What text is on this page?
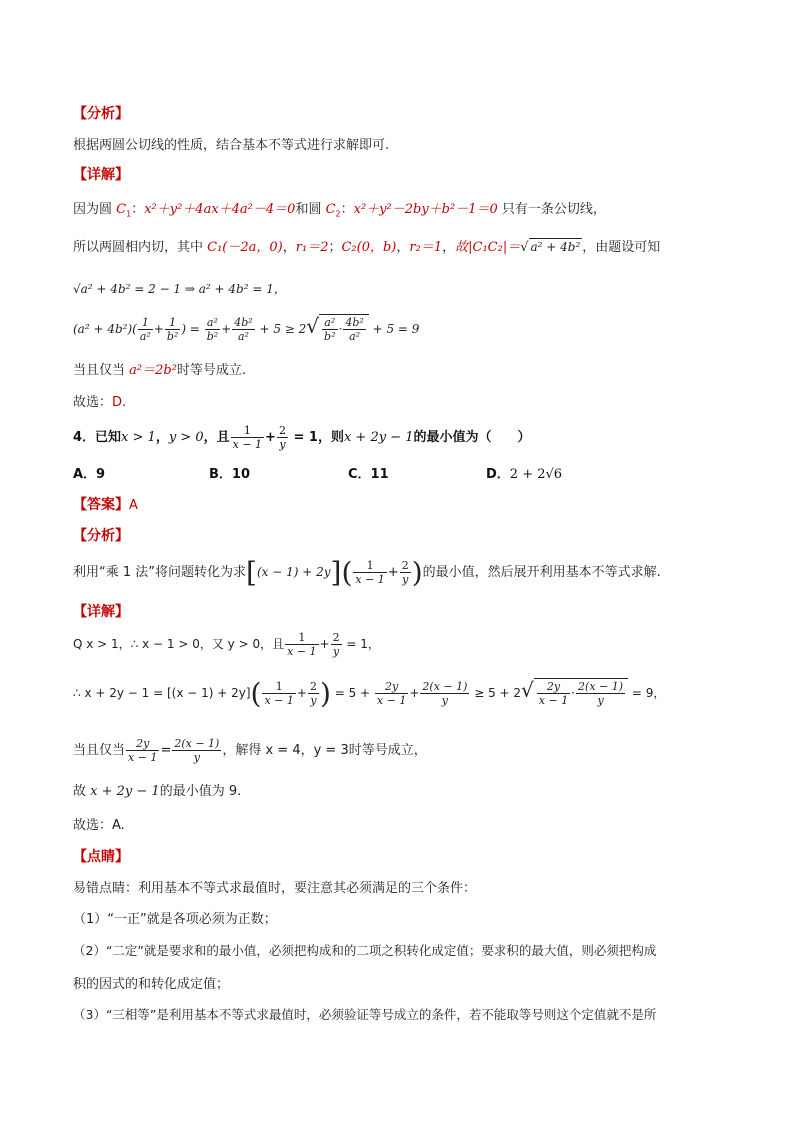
【分析】
根据两圆公切线的性质，结合基本不等式进行求解即可.
【详解】
因为圆 $C_1$：x²＋y²＋4ax＋4a²－4＝0和圆 $C_2$：x²＋y²－2by＋b²－1＝0 只有一条公切线，
所以两圆相内切，其中 C₁(－2a，0)，r₁＝2；C₂(0，b)，r₂＝1，故|C₁C₂|＝√ a² + 4b² ，由题设可知
√a² + 4b² = 2 − 1 ⇒ a² + 4b² = 1，
$(a^2 + 4b^2)( \frac{1}{\text{a²}} + \frac{1}{\text{b²}}$ ) = $\frac{\text{a²}}{\text{b²}} + \frac{\text{4b²}}{\text{a²}} + 5 \ge 2√ \frac{\text{a²}}{\text{b²}} \cdot \frac{\text{4b²}}{\text{a²}} + 5 = 9$
当且仅当 a²＝2b²时等号成立.
故选：D.
4．已知x > 1，y > 0，且 $\frac{1}{x - 1} + \frac{2}{y} = 1$，则x + 2y − 1的最小值为（　　）
A．9	B．10	C．11	D．2 + 2√6
【答案】A
【分析】
利用“乘 1 法”将问题转化为求$[(x - 1) + 2y]( \frac{1}{x - 1} + \frac{2}{y}$ )的最小值，然后展开利用基本不等式求解.
【详解】
Q x > 1，∴ x − 1 > 0，又 y > 0，且 $\frac{1}{x - 1} + \frac{2}{y} = 1$，
∴ $x + 2y - 1 = [(x - 1) + 2y]( \frac{1}{x - 1} + \frac{2}{y}$ ) = $5 + \frac{2y}{x - 1} + \frac{2(x - 1)}{y} \ge 5 + 2√ \frac{2y}{x - 1} \cdot \frac{2(x - 1)}{y} = 9$，
当且仅当 $\frac{2y}{x - 1} = \frac{2(x - 1)}{y}$ ，解得 x = 4，y = 3时等号成立，
故 x + 2y − 1的最小值为 9.
故选：A.
【点睛】
易错点睛：利用基本不等式求最值时，要注意其必须满足的三个条件：
（1）“一正”就是各项必须为正数；
（2）“二定”就是要求和的最小值，必须把构成和的二项之积转化成定值；要求积的最大值，则必须把构成
积的因式的和转化成定值；
（3）“三相等”是利用基本不等式求最值时，必须验证等号成立的条件，若不能取等号则这个定值就不是所
